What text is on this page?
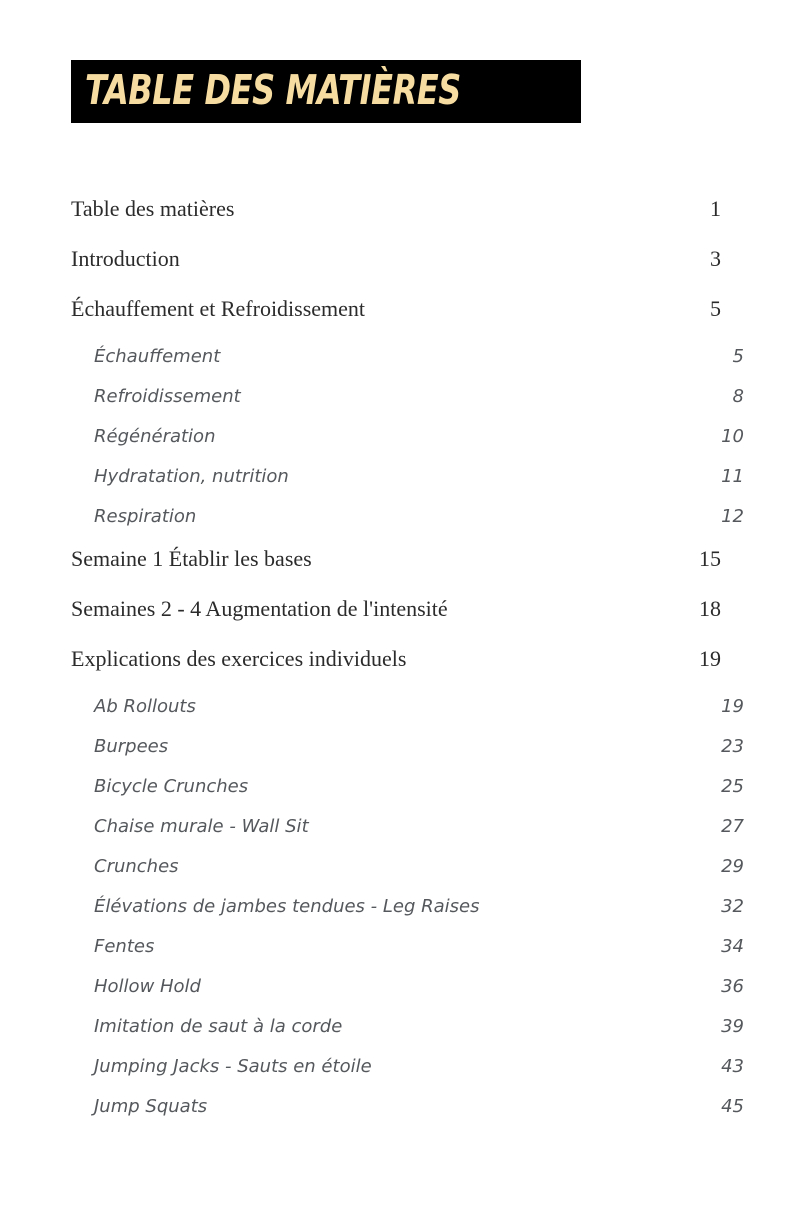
TABLE DES MATIÈRES
Table des matières	1
Introduction	3
Échauffement et Refroidissement	5
Échauffement	5
Refroidissement	8
Régénération	10
Hydratation, nutrition	11
Respiration	12
Semaine 1 Établir les bases	15
Semaines 2 - 4 Augmentation de l'intensité	18
Explications des exercices individuels	19
Ab Rollouts	19
Burpees	23
Bicycle Crunches	25
Chaise murale - Wall Sit	27
Crunches	29
Élévations de jambes tendues - Leg Raises	32
Fentes	34
Hollow Hold	36
Imitation de saut à la corde	39
Jumping Jacks - Sauts en étoile	43
Jump Squats	45
